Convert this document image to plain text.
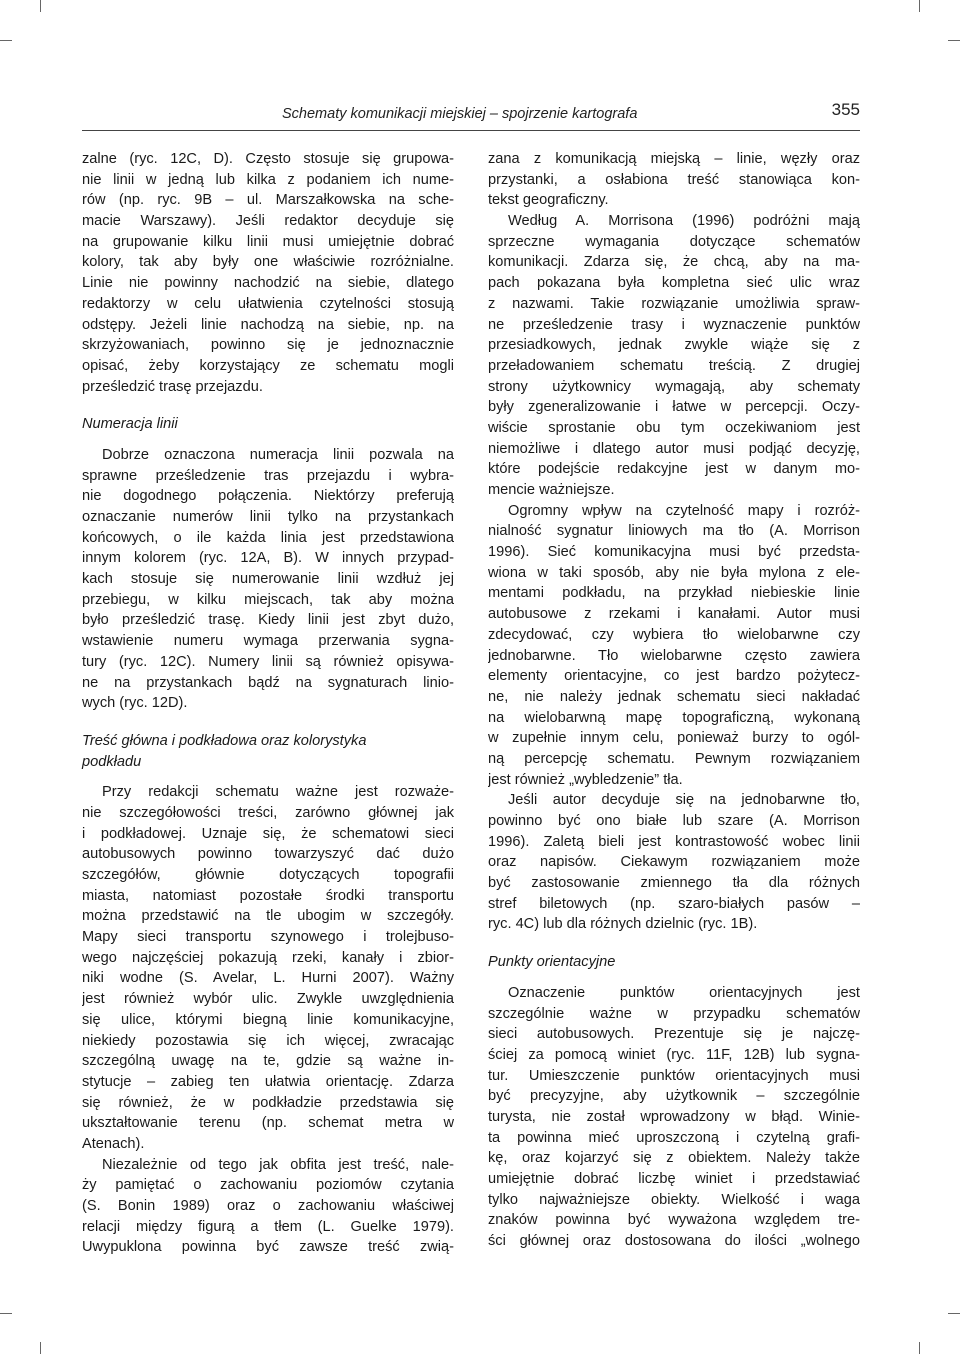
Schematy komunikacji miejskiej – spojrzenie kartografa	355
zalne (ryc. 12C, D). Często stosuje się grupowa-
nie linii w jedną lub kilka z podaniem ich nume-
rów (np. ryc. 9B – ul. Marszałkowska na sche-
macie Warszawy). Jeśli redaktor decyduje się
na grupowanie kilku linii musi umiejętnie dobrać
kolory, tak aby były one właściwie rozróżnialne.
Linie nie powinny nachodzić na siebie, dlatego
redaktorzy w celu ułatwienia czytelności stosują
odstępy. Jeżeli linie nachodzą na siebie, np. na
skrzyżowaniach, powinno się je jednoznacznie
opisać, żeby korzystający ze schematu mogli
prześledzić trasę przejazdu.
Numeracja linii
Dobrze oznaczona numeracja linii pozwala na
sprawne prześledzenie tras przejazdu i wybra-
nie dogodnego połączenia. Niektórzy preferują
oznaczanie numerów linii tylko na przystankach
końcowych, o ile każda linia jest przedstawiona
innym kolorem (ryc. 12A, B). W innych przypad-
kach stosuje się numerowanie linii wzdłuż jej
przebiegu, w kilku miejscach, tak aby można
było prześledzić trasę. Kiedy linii jest zbyt dużo,
wstawienie numeru wymaga przerwania sygna-
tury (ryc. 12C). Numery linii są również opisywa-
ne na przystankach bądź na sygnaturach linio-
wych (ryc. 12D).
Treść główna i podkładowa oraz kolorystyka
podkładu
Przy redakcji schematu ważne jest rozważe-
nie szczegółowości treści, zarówno głównej jak
i podkładowej. Uznaje się, że schematowi sieci
autobusowych powinno towarzyszyć dać dużo
szczegółów, głównie dotyczących topografii
miasta, natomiast pozostałe środki transportu
można przedstawić na tle ubogim w szczegóły.
Mapy sieci transportu szynowego i trolejbuso-
wego najczęściej pokazują rzeki, kanały i zbior-
niki wodne (S. Avelar, L. Hurni 2007). Ważny
jest również wybór ulic. Zwykle uwzględnienia
się ulice, którymi biegną linie komunikacyjne,
niekiedy pozostawia się ich więcej, zwracając
szczególną uwagę na te, gdzie są ważne in-
stytucje – zabieg ten ułatwia orientację. Zdarza
się również, że w podkładzie przedstawia się
ukształtowanie terenu (np. schemat metra w
Atenach).
Niezależnie od tego jak obfita jest treść, nale-
ży pamiętać o zachowaniu poziomów czytania
(S. Bonin 1989) oraz o zachowaniu właściwej
relacji między figurą a tłem (L. Guelke 1979).
Uwypuklona powinna być zawsze treść zwią-
zana z komunikacją miejską – linie, węzły oraz
przystanki, a osłabiona treść stanowiąca kon-
tekst geograficzny.
Według A. Morrisona (1996) podróżni mają
sprzeczne wymagania dotyczące schematów
komunikacji. Zdarza się, że chcą, aby na ma-
pach pokazana była kompletna sieć ulic wraz
z nazwami. Takie rozwiązanie umożliwia spraw-
ne prześledzenie trasy i wyznaczenie punktów
przesiadkowych, jednak zwykle wiąże się z
przeładowaniem schematu treścią. Z drugiej
strony użytkownicy wymagają, aby schematy
były zgeneralizowanie i łatwe w percepcji. Oczy-
wiście sprostanie obu tym oczekiwaniom jest
niemożliwe i dlatego autor musi podjąć decyzję,
które podejście redakcyjne jest w danym mo-
mencie ważniejsze.
Ogromny wpływ na czytelność mapy i rozróż-
nialność sygnatur liniowych ma tło (A. Morrison
1996). Sieć komunikacyjna musi być przedsta-
wiona w taki sposób, aby nie była mylona z ele-
mentami podkładu, na przykład niebieskie linie
autobusowe z rzekami i kanałami. Autor musi
zdecydować, czy wybiera tło wielobarwne czy
jednobarwne. Tło wielobarwne często zawiera
elementy orientacyjne, co jest bardzo pożytecz-
ne, nie należy jednak schematu sieci nakładać
na wielobarwną mapę topograficzną, wykonaną
w zupełnie innym celu, ponieważ burzy to ogól-
ną percepcję schematu. Pewnym rozwiązaniem
jest również „wybledzenie” tła.
Jeśli autor decyduje się na jednobarwne tło,
powinno być ono białe lub szare (A. Morrison
1996). Zaletą bieli jest kontrastowość wobec linii
oraz napisów. Ciekawym rozwiązaniem może
być zastosowanie zmiennego tła dla różnych
stref biletowych (np. szaro-białych pasów –
ryc. 4C) lub dla różnych dzielnic (ryc. 1B).
Punkty orientacyjne
Oznaczenie punktów orientacyjnych jest
szczególnie ważne w przypadku schematów
sieci autobusowych. Prezentuje się je najczę-
ściej za pomocą winiet (ryc. 11F, 12B) lub sygna-
tur. Umieszczenie punktów orientacyjnych musi
być precyzyjne, aby użytkownik – szczególnie
turysta, nie został wprowadzony w błąd. Winie-
ta powinna mieć uproszczoną i czytelną grafi-
kę, oraz kojarzyć się z obiektem. Należy także
umiejętnie dobrać liczbę winiet i przedstawiać
tylko najważniejsze obiekty. Wielkość i waga
znaków powinna być wyważona względem tre-
ści głównej oraz dostosowana do ilości „wolnego
